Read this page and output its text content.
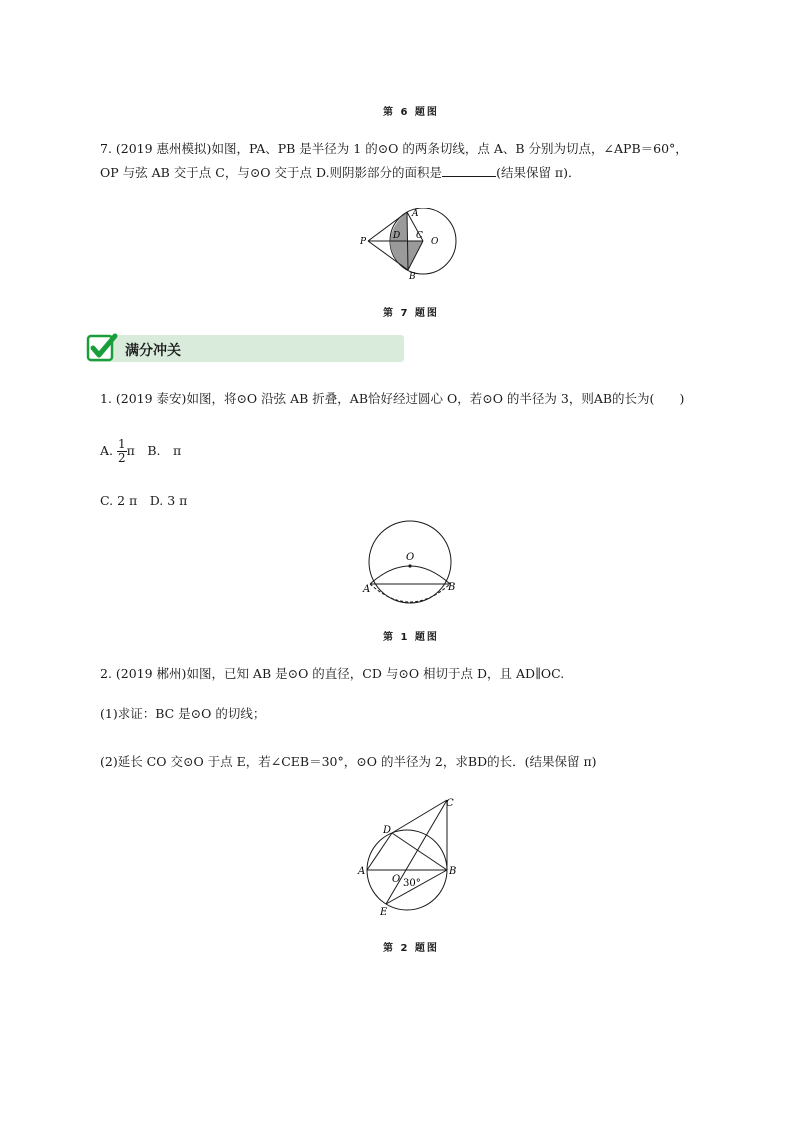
第 6 题图
7. (2019 惠州模拟)如图，PA、PB 是半径为 1 的⊙O 的两条切线，点 A、B 分别为切点，∠APB＝60°，
OP 与弦 AB 交于点 C，与⊙O 交于点 D.则阴影部分的面积是	(结果保留 π)．
A
B
C
D
O
P
第 7 题图
满分冲关
1. (2019 泰安)如图，将⊙O 沿弦 AB 折叠，AB恰好经过圆心 O，若⊙O 的半径为 3，则AB的长为(　　)
A. $\frac{1}{2}$ π　B.　π
C. 2 π　D. 3 π
O
A	B
第 1 题图
2. (2019 郴州)如图，已知 AB 是⊙O 的直径，CD 与⊙O 相切于点 D，且 AD∥OC.
(1)求证：BC 是⊙O 的切线；
(2)延长 CO 交⊙O 于点 E，若∠CEB＝30°，⊙O 的半径为 2，求BD的长．(结果保留 π)
C
D
A	B
O
E
30°
第 2 题图
